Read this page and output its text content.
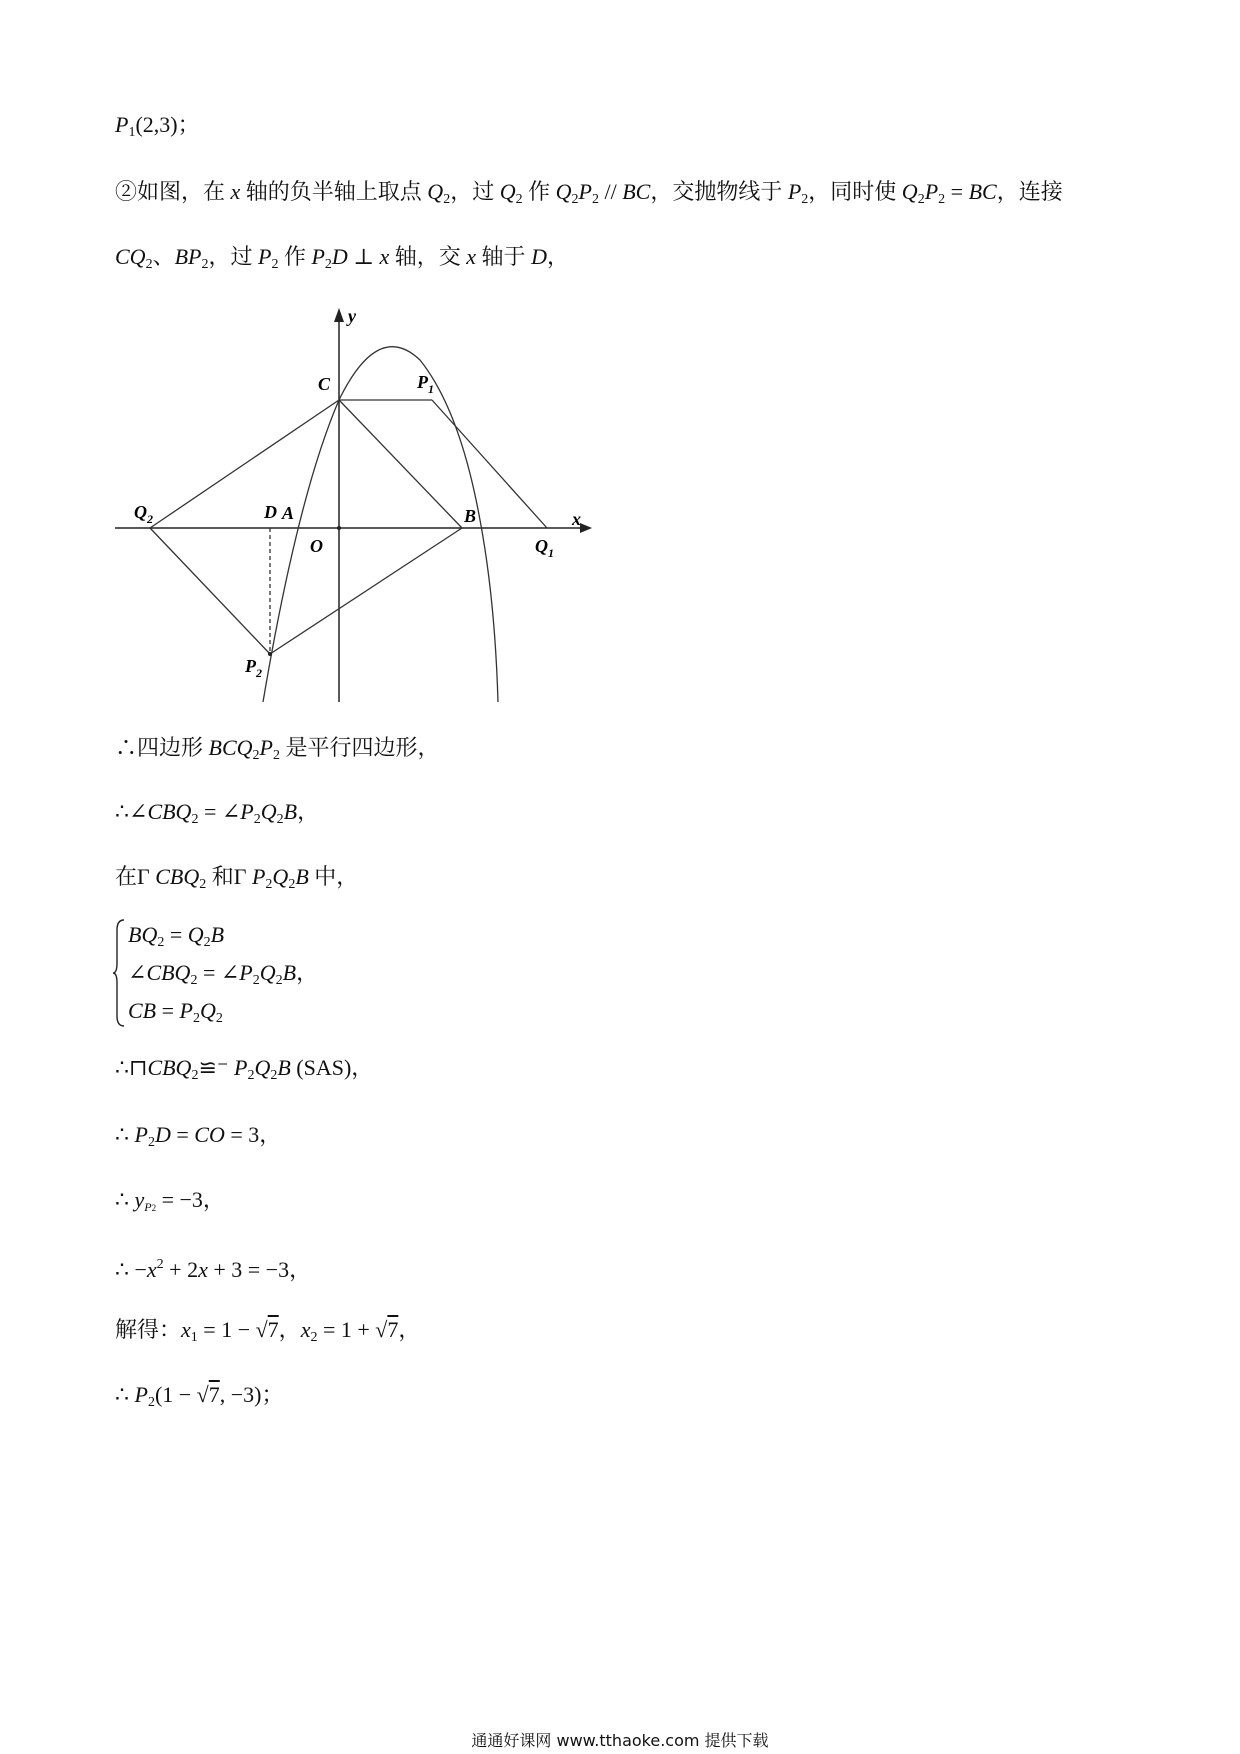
$P_1(2,3)$；
②如图，在 x 轴的负半轴上取点 $Q_2$，过 $Q_2$ 作 $Q_2P_2$ // BC，交抛物线于 $P_2$，同时使 $Q_2P_2$ = BC，连接
$CQ_2$、$BP_2$，过 $P_2$ 作 $P_2D$ ⊥ x 轴，交 x 轴于 D，
y
x
C	$P_1$
$Q_2$	D A	B
O	$Q_1$
$P_2$
∴四边形 $BCQ_2P_2$ 是平行四边形，
$\therefore\angle CBQ_2$ = $\angle P_2Q_2B$，
在Γ $CBQ_2$ 和Γ $P_2Q_2B$ 中，
$BQ_2 = Q_2B$
$\angle CBQ_2$ = $\angle P_2Q_2B$，
CB = $P_2Q_2$
$\therefore⊓CBQ_2≌^-$ $P_2Q_2B$ (SAS)，
∴ $P_2D$ = CO = 3，
∴ $y_{P2} = -3$，
∴ $-x^2 + 2x + 3 = -3$，
解得：$x_1 = 1 - √7$，$x_2 = 1 + √7$，
∴ $P_2(1 - √7$, −3)；
通通好课网 www.tthaoke.com 提供下载
